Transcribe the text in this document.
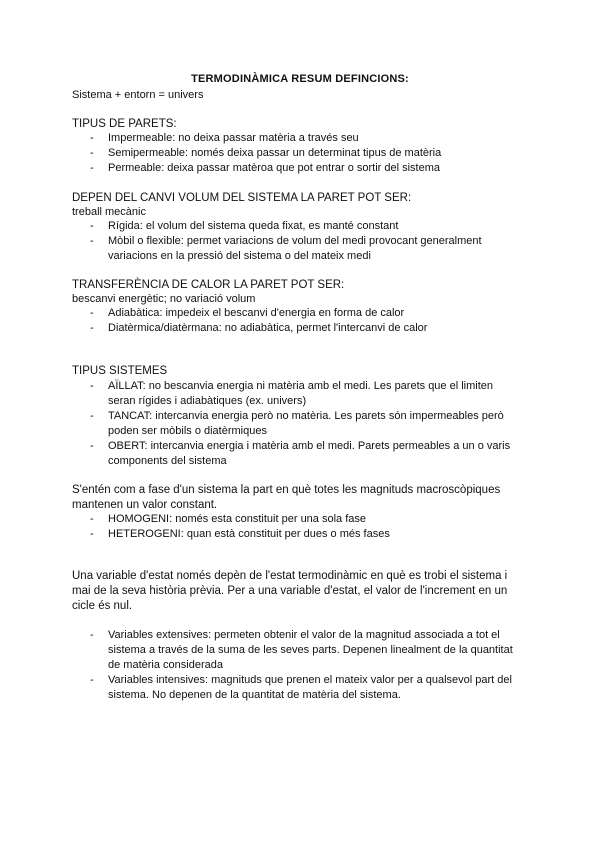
TERMODINÀMICA RESUM DEFINCIONS:
Sistema + entorn = univers
TIPUS DE PARETS:
- Impermeable: no deixa passar matèria a través seu
- Semipermeable: només deixa passar un determinat tipus de matèria
- Permeable: deixa passar matèroa que pot entrar o sortir del sistema
DEPEN DEL CANVI VOLUM DEL SISTEMA LA PARET POT SER:
treball mecànic
- Rígida: el volum del sistema queda fixat, es manté constant
- Mòbil o flexible: permet variacions de volum del medi provocant generalment variacions en la pressió del sistema o del mateix medi
TRANSFERÈNCIA DE CALOR LA PARET POT SER:
bescanvi energètic; no variació volum
- Adiabàtica: impedeix el bescanvi d'energia en forma de calor
- Diatèrmica/diatèrmana: no adiabàtica, permet l'intercanvi de calor
TIPUS SISTEMES
- AÏLLAT: no bescanvia energia ni matèria amb el medi. Les parets que el limiten seran rígides i adiabàtiques (ex. univers)
- TANCAT: intercanvia energia però no matèria. Les parets són impermeables però poden ser mòbils o diatèrmiques
- OBERT: intercanvia energia i matèria amb el medi. Parets permeables a un o varis components del sistema
S'entén com a fase d'un sistema la part en què totes les magnituds macroscòpiques mantenen un valor constant.
- HOMOGENI: només esta constituit per una sola fase
- HETEROGENI: quan està constituit per dues o més fases
Una variable d'estat només depèn de l'estat termodinàmic en què es trobi el sistema i mai de la seva història prèvia. Per a una variable d'estat, el valor de l'increment en un cicle és nul.
- Variables extensives: permeten obtenir el valor de la magnitud associada a tot el sistema a través de la suma de les seves parts. Depenen linealment de la quantitat de matèria considerada
- Variables intensives: magnituds que prenen el mateix valor per a qualsevol part del sistema. No depenen de la quantitat de matèria del sistema.
